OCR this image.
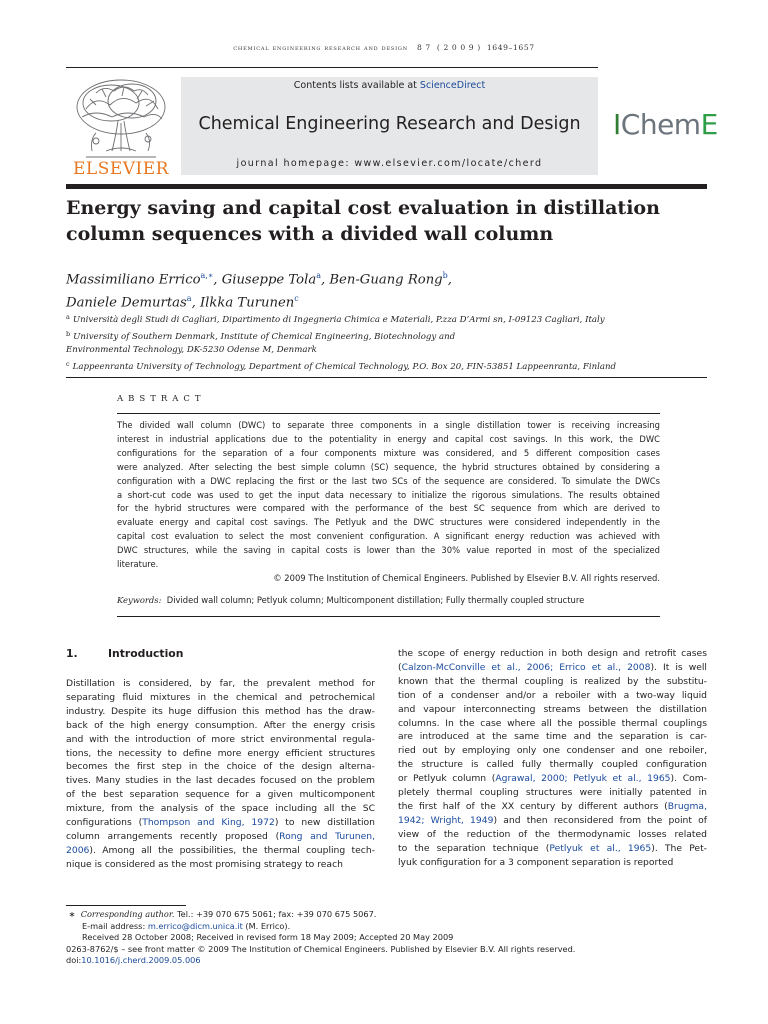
chemical engineering research and design 8 7 ( 2 0 0 9 ) 1649–1657
ELSEVIER
Contents lists available at ScienceDirect
Chemical Engineering Research and Design
journal homepage: www.elsevier.com/locate/cherd
IChemE
Energy saving and capital cost evaluation in distillation
column sequences with a divided wall column
Massimiliano Errico$^{a,∗}$, Giuseppe Tola$^a$, Ben-Guang Rong$^b$,
Daniele Demurtas$^a$, Ilkka Turunen$^c$
$^a$ Università degli Studi di Cagliari, Dipartimento di Ingegneria Chimica e Materiali, P.zza D’Armi sn, I-09123 Cagliari, Italy
$^b$ University of Southern Denmark, Institute of Chemical Engineering, Biotechnology and
Environmental Technology, DK-5230 Odense M, Denmark
$^c$ Lappeenranta University of Technology, Department of Chemical Technology, P.O. Box 20, FIN-53851 Lappeenranta, Finland
ABSTRACT
The divided wall column (DWC) to separate three components in a single distillation tower is receiving increasing
interest in industrial applications due to the potentiality in energy and capital cost savings. In this work, the DWC
configurations for the separation of a four components mixture was considered, and 5 different composition cases
were analyzed. After selecting the best simple column (SC) sequence, the hybrid structures obtained by considering a
configuration with a DWC replacing the first or the last two SCs of the sequence are considered. To simulate the DWCs
a short-cut code was used to get the input data necessary to initialize the rigorous simulations. The results obtained
for the hybrid structures were compared with the performance of the best SC sequence from which are derived to
evaluate energy and capital cost savings. The Petlyuk and the DWC structures were considered independently in the
capital cost evaluation to select the most convenient configuration. A significant energy reduction was achieved with
DWC structures, while the saving in capital costs is lower than the 30% value reported in most of the specialized
literature.
© 2009 The Institution of Chemical Engineers. Published by Elsevier B.V. All rights reserved.
Keywords: Divided wall column; Petlyuk column; Multicomponent distillation; Fully thermally coupled structure
1.	Introduction
Distillation is considered, by far, the prevalent method for
separating fluid mixtures in the chemical and petrochemical
industry. Despite its huge diffusion this method has the draw-
back of the high energy consumption. After the energy crisis
and with the introduction of more strict environmental regula-
tions, the necessity to define more energy efficient structures
becomes the first step in the choice of the design alterna-
tives. Many studies in the last decades focused on the problem
of the best separation sequence for a given multicomponent
mixture, from the analysis of the space including all the SC
configurations (Thompson and King, 1972) to new distillation
column arrangements recently proposed (Rong and Turunen,
2006). Among all the possibilities, the thermal coupling tech-
nique is considered as the most promising strategy to reach
the scope of energy reduction in both design and retrofit cases
(Calzon-McConville et al., 2006; Errico et al., 2008). It is well
known that the thermal coupling is realized by the substitu-
tion of a condenser and/or a reboiler with a two-way liquid
and vapour interconnecting streams between the distillation
columns. In the case where all the possible thermal couplings
are introduced at the same time and the separation is car-
ried out by employing only one condenser and one reboiler,
the structure is called fully thermally coupled configuration
or Petlyuk column (Agrawal, 2000; Petlyuk et al., 1965). Com-
pletely thermal coupling structures were initially patented in
the first half of the XX century by different authors (Brugma,
1942; Wright, 1949) and then reconsidered from the point of
view of the reduction of the thermodynamic losses related
to the separation technique (Petlyuk et al., 1965). The Pet-
lyuk configuration for a 3 component separation is reported
∗ Corresponding author. Tel.: +39 070 675 5061; fax: +39 070 675 5067.
E-mail address: m.errico@dicm.unica.it (M. Errico).
Received 28 October 2008; Received in revised form 18 May 2009; Accepted 20 May 2009
0263-8762/$ – see front matter © 2009 The Institution of Chemical Engineers. Published by Elsevier B.V. All rights reserved.
doi:10.1016/j.cherd.2009.05.006
